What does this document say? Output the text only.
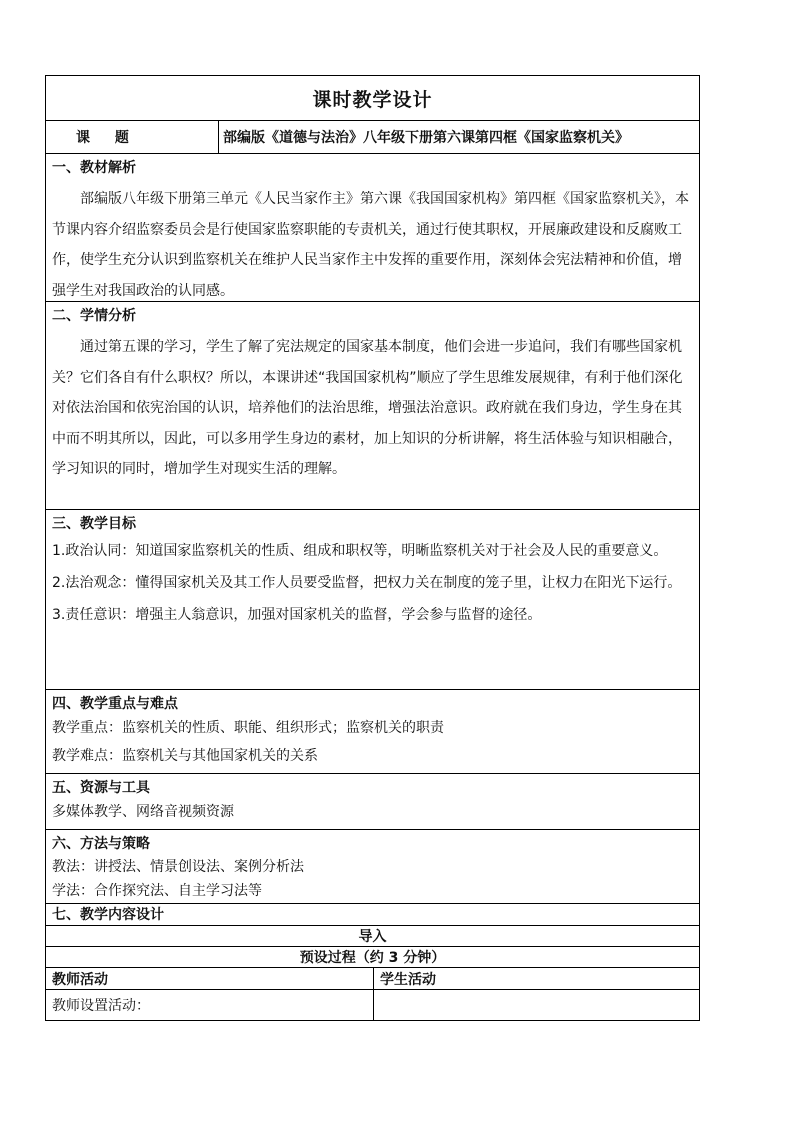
课时教学设计
课 题	部编版《道德与法治》八年级下册第六课第四框《国家监察机关》
一、教材解析

部编版八年级下册第三单元《人民当家作主》第六课《我国国家机构》第四框《国家监察机关》，本节课内容介绍监察委员会是行使国家监察职能的专责机关，通过行使其职权，开展廉政建设和反腐败工作，使学生充分认识到监察机关在维护人民当家作主中发挥的重要作用，深刻体会宪法精神和价值，增强学生对我国政治的认同感。

二、学情分析

通过第五课的学习，学生了解了宪法规定的国家基本制度，他们会进一步追问，我们有哪些国家机关？它们各自有什么职权？所以，本课讲述“我国国家机构”顺应了学生思维发展规律，有利于他们深化对依法治国和依宪治国的认识，培养他们的法治思维，增强法治意识。政府就在我们身边，学生身在其中而不明其所以，因此，可以多用学生身边的素材，加上知识的分析讲解，将生活体验与知识相融合，学习知识的同时，增加学生对现实生活的理解。

三、教学目标

1.政治认同：知道国家监察机关的性质、组成和职权等，明晰监察机关对于社会及人民的重要意义。

2.法治观念：懂得国家机关及其工作人员要受监督，把权力关在制度的笼子里，让权力在阳光下运行。

3.责任意识：增强主人翁意识，加强对国家机关的监督，学会参与监督的途径。

四、教学重点与难点

教学重点：监察机关的性质、职能、组织形式；监察机关的职责

教学难点：监察机关与其他国家机关的关系

五、资源与工具

多媒体教学、网络音视频资源

六、方法与策略

教法：讲授法、情景创设法、案例分析法

学法：合作探究法、自主学习法等

七、教学内容设计
导入
预设过程（约 3 分钟）
教师活动	学生活动
教师设置活动：
